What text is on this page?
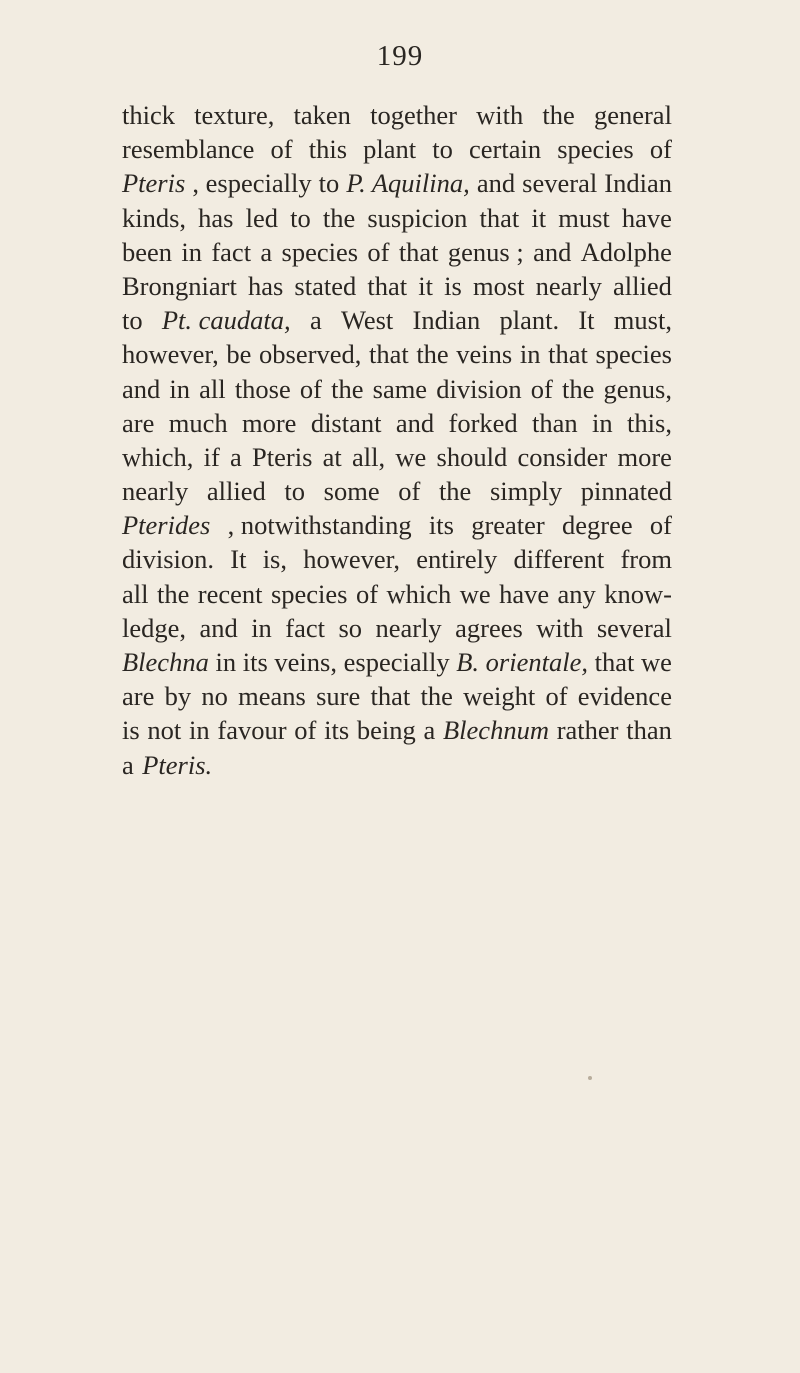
199
thick texture, taken together with the general
resemblance of this plant to certain species of
Pteris , especially to P. Aquilina, and several Indian
kinds, has led to the suspicion that it must have
been in fact a species of that genus ; and Adolphe
Brongniart has stated that it is most nearly allied
to Pt. caudata, a West Indian plant. It must,
however, be observed, that the veins in that species
and in all those of the same division of the genus,
are much more distant and forked than in this,
which, if a Pteris at all, we should consider more
nearly allied to some of the simply pinnated
Pterides , notwithstanding its greater degree of
division. It is, however, entirely different from
all the recent species of which we have any know-
ledge, and in fact so nearly agrees with several
Blechna in its veins, especially B. orientale, that we
are by no means sure that the weight of evidence
is not in favour of its being a Blechnum rather than
a Pteris.
